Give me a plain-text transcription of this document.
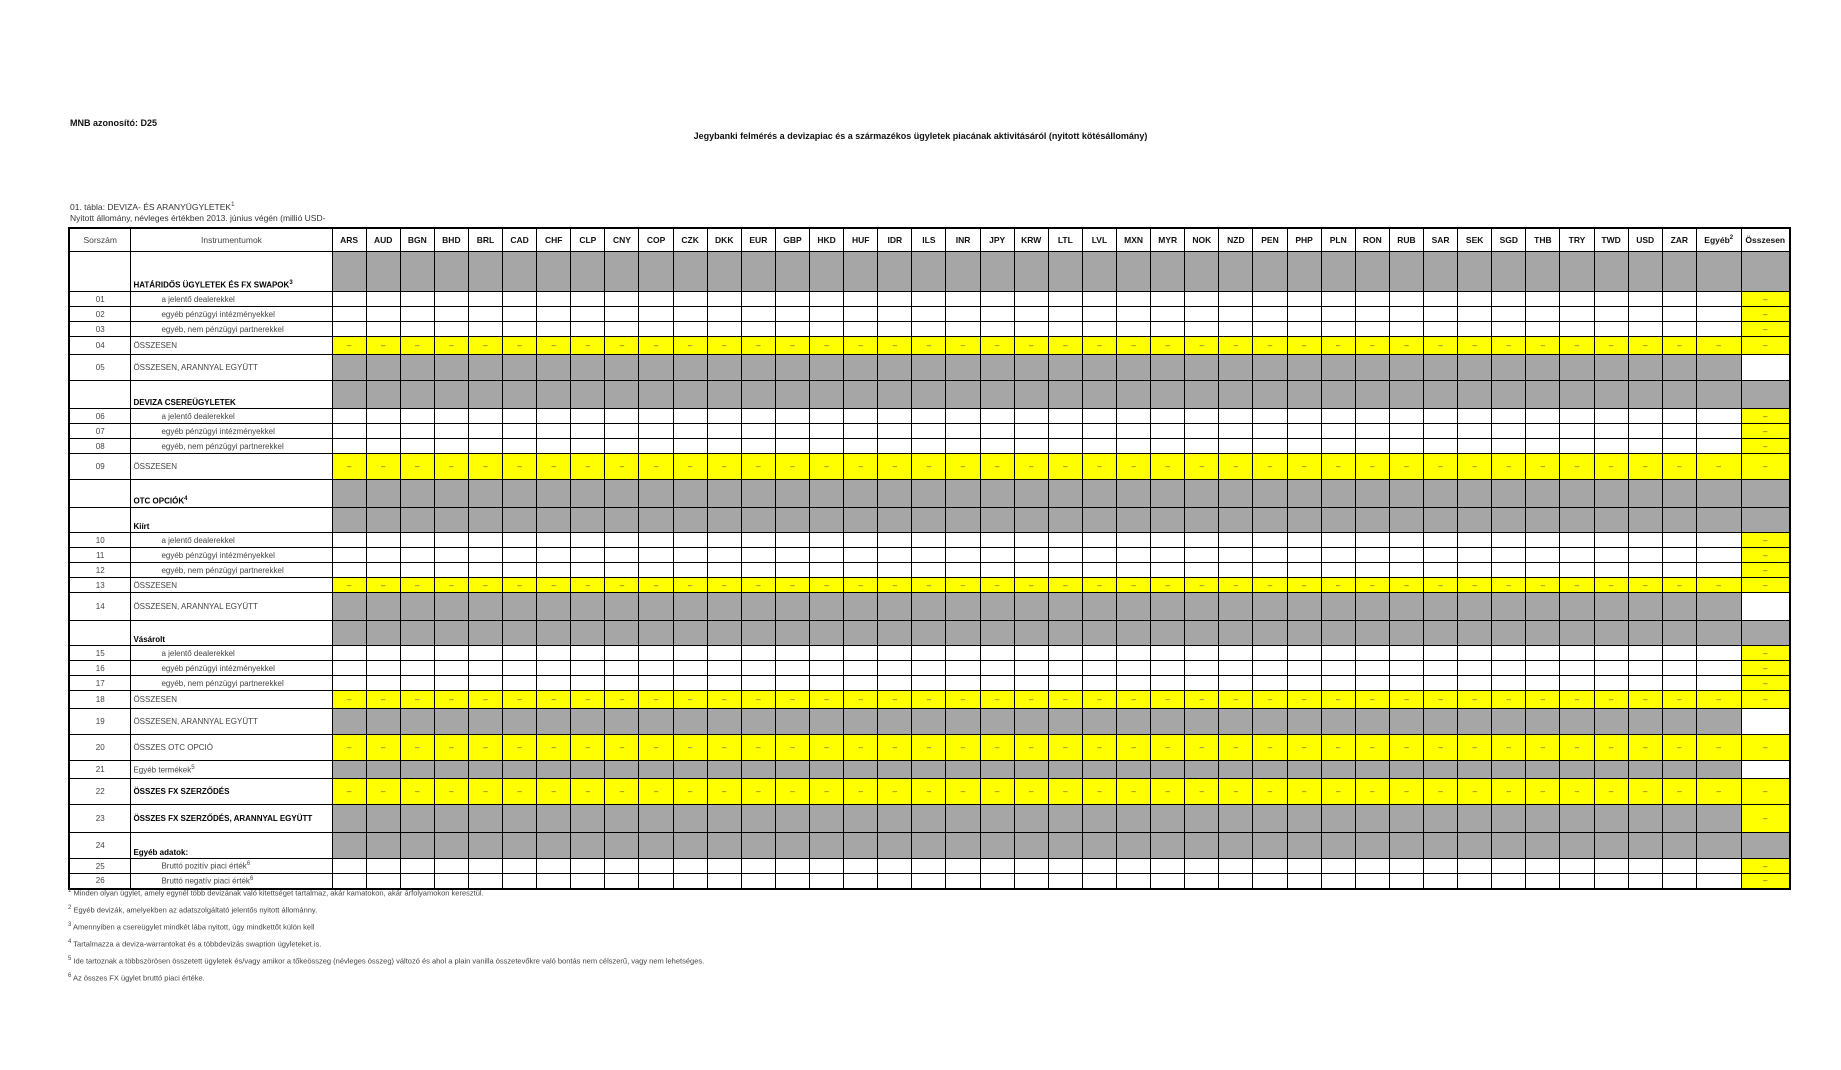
MNB azonosító: D25
Jegybanki felmérés a devizapiac és a származékos ügyletek piacának aktivitásáról (nyitott kötésállomány)
01. tábla: DEVIZA- ÉS ARANYÜGYLETEK$^1$
Nyitott állomány, névleges értékben 2013. június végén (millió USD-
Sorszám	Instrumentumok	ARS	AUD	BGN	BHD	BRL	CAD	CHF	CLP	CNY	COP	CZK	DKK	EUR	GBP	HKD	HUF	IDR	ILS	INR	JPY	KRW	LTL	LVL	MXN	MYR	NOK	NZD	PEN	PHP	PLN	RON	RUB	SAR	SEK	SGD	THB	TRY	TWD	USD	ZAR	Egyéb$^2$	Összesen
	HATÁRIDŐS ÜGYLETEK ÉS FX SWAPOK$^3$																																										
01	a jelentő dealerekkel																																										–
02	egyéb pénzügyi intézményekkel																																										–
03	egyéb, nem pénzügyi partnerekkel																																										–
04	ÖSSZESEN	–	–	–	–	–	–	–	–	–	–	–	–	–	–	–	–	–	–	–	–	–	–	–	–	–	–	–	–	–	–	–	–	–	–	–	–	–	–	–	–	–	–
05	ÖSSZESEN, ARANNYAL EGYÜTT																																										
	DEVIZA CSEREÜGYLETEK																																										
06	a jelentő dealerekkel																																										–
07	egyéb pénzügyi intézményekkel																																										–
08	egyéb, nem pénzügyi partnerekkel																																										–
09	ÖSSZESEN	–	–	–	–	–	–	–	–	–	–	–	–	–	–	–	–	–	–	–	–	–	–	–	–	–	–	–	–	–	–	–	–	–	–	–	–	–	–	–	–	–	–
	OTC OPCIÓK$^4$																																										
	Kiírt																																										
10	a jelentő dealerekkel																																										–
11	egyéb pénzügyi intézményekkel																																										–
12	egyéb, nem pénzügyi partnerekkel																																										–
13	ÖSSZESEN	–	–	–	–	–	–	–	–	–	–	–	–	–	–	–	–	–	–	–	–	–	–	–	–	–	–	–	–	–	–	–	–	–	–	–	–	–	–	–	–	–	–
14	ÖSSZESEN, ARANNYAL EGYÜTT																																										
	Vásárolt																																										
15	a jelentő dealerekkel																																										–
16	egyéb pénzügyi intézményekkel																																										–
17	egyéb, nem pénzügyi partnerekkel																																										–
18	ÖSSZESEN	–	–	–	–	–	–	–	–	–	–	–	–	–	–	–	–	–	–	–	–	–	–	–	–	–	–	–	–	–	–	–	–	–	–	–	–	–	–	–	–	–	–
19	ÖSSZESEN, ARANNYAL EGYÜTT																																										
20	ÖSSZES OTC OPCIÓ	–	–	–	–	–	–	–	–	–	–	–	–	–	–	–	–	–	–	–	–	–	–	–	–	–	–	–	–	–	–	–	–	–	–	–	–	–	–	–	–	–	–
21	Egyéb termékek$^5$																																										
22	ÖSSZES FX SZERZŐDÉS	–	–	–	–	–	–	–	–	–	–	–	–	–	–	–	–	–	–	–	–	–	–	–	–	–	–	–	–	–	–	–	–	–	–	–	–	–	–	–	–	–	–
23	ÖSSZES FX SZERZŐDÉS, ARANNYAL EGYÜTT																																										–
24	Egyéb adatok:																																										
25	Bruttó pozitív piaci érték$^6$																																										–
26	Bruttó negatív piaci érték$^6$																																										–
$^1$ Minden olyan ügylet, amely egynél több devizának való kitettséget tartalmaz, akár kamatokon, akár árfolyamokon keresztül.
$^2$ Egyéb devizák, amelyekben az adatszolgáltató jelentős nyitott állománny.
$^3$ Amennyiben a csereügylet mindkét lába nyitott, úgy mindkettőt külön kell
$^4$ Tartalmazza a deviza-warrantokat és a többdevizás swaption ügyleteket is.
$^5$ Ide tartoznak a többszörösen összetett ügyletek és/vagy amikor a tőkeösszeg (névleges összeg) változó és ahol a plain vanilla összetevőkre való bontás nem célszerű, vagy nem lehetséges.
$^6$ Az összes FX ügylet bruttó piaci értéke.
